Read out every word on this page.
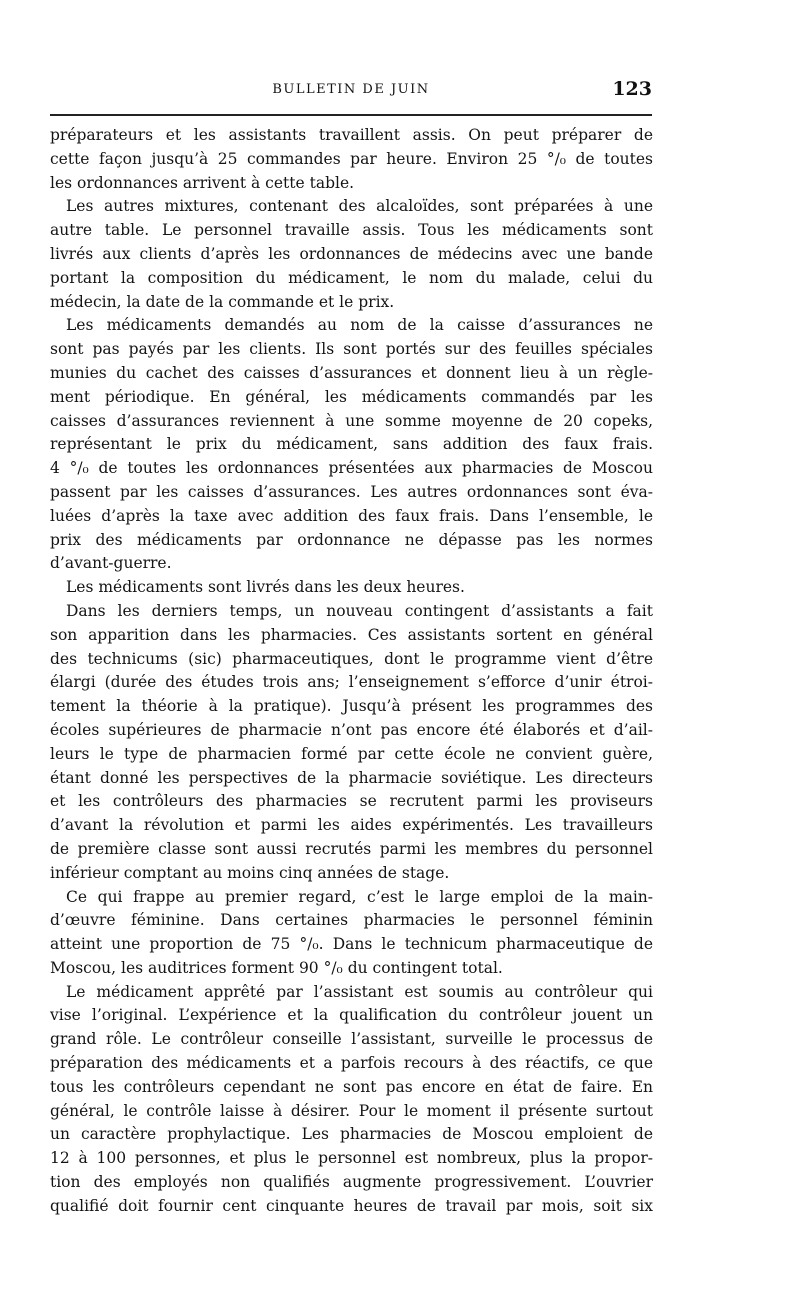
BULLETIN DE JUIN	123

préparateurs et les assistants travaillent assis. On peut préparer de
cette façon jusqu’à 25 commandes par heure. Environ 25 °/₀ de toutes
les ordonnances arrivent à cette table.

Les autres mixtures, contenant des alcaloïdes, sont préparées à une
autre table. Le personnel travaille assis. Tous les médicaments sont
livrés aux clients d’après les ordonnances de médecins avec une bande
portant la composition du médicament, le nom du malade, celui du
médecin, la date de la commande et le prix.

Les médicaments demandés au nom de la caisse d’assurances ne
sont pas payés par les clients. Ils sont portés sur des feuilles spéciales
munies du cachet des caisses d’assurances et donnent lieu à un règle-
ment périodique. En général, les médicaments commandés par les
caisses d’assurances reviennent à une somme moyenne de 20 copeks,
représentant le prix du médicament, sans addition des faux frais.
4 °/₀ de toutes les ordonnances présentées aux pharmacies de Moscou
passent par les caisses d’assurances. Les autres ordonnances sont éva-
luées d’après la taxe avec addition des faux frais. Dans l’ensemble, le
prix des médicaments par ordonnance ne dépasse pas les normes
d’avant-guerre.

Les médicaments sont livrés dans les deux heures.

Dans les derniers temps, un nouveau contingent d’assistants a fait
son apparition dans les pharmacies. Ces assistants sortent en général
des technicums (sic) pharmaceutiques, dont le programme vient d’être
élargi (durée des études trois ans; l’enseignement s’efforce d’unir étroi-
tement la théorie à la pratique). Jusqu’à présent les programmes des
écoles supérieures de pharmacie n’ont pas encore été élaborés et d’ail-
leurs le type de pharmacien formé par cette école ne convient guère,
étant donné les perspectives de la pharmacie soviétique. Les directeurs
et les contrôleurs des pharmacies se recrutent parmi les proviseurs
d’avant la révolution et parmi les aides expérimentés. Les travailleurs
de première classe sont aussi recrutés parmi les membres du personnel
inférieur comptant au moins cinq années de stage.

Ce qui frappe au premier regard, c’est le large emploi de la main-
d’œuvre féminine. Dans certaines pharmacies le personnel féminin
atteint une proportion de 75 °/₀. Dans le technicum pharmaceutique de
Moscou, les auditrices forment 90 °/₀ du contingent total.

Le médicament apprêté par l’assistant est soumis au contrôleur qui
vise l’original. L’expérience et la qualification du contrôleur jouent un
grand rôle. Le contrôleur conseille l’assistant, surveille le processus de
préparation des médicaments et a parfois recours à des réactifs, ce que
tous les contrôleurs cependant ne sont pas encore en état de faire. En
général, le contrôle laisse à désirer. Pour le moment il présente surtout
un caractère prophylactique. Les pharmacies de Moscou emploient de
12 à 100 personnes, et plus le personnel est nombreux, plus la propor-
tion des employés non qualifiés augmente progressivement. L’ouvrier
qualifié doit fournir cent cinquante heures de travail par mois, soit six
